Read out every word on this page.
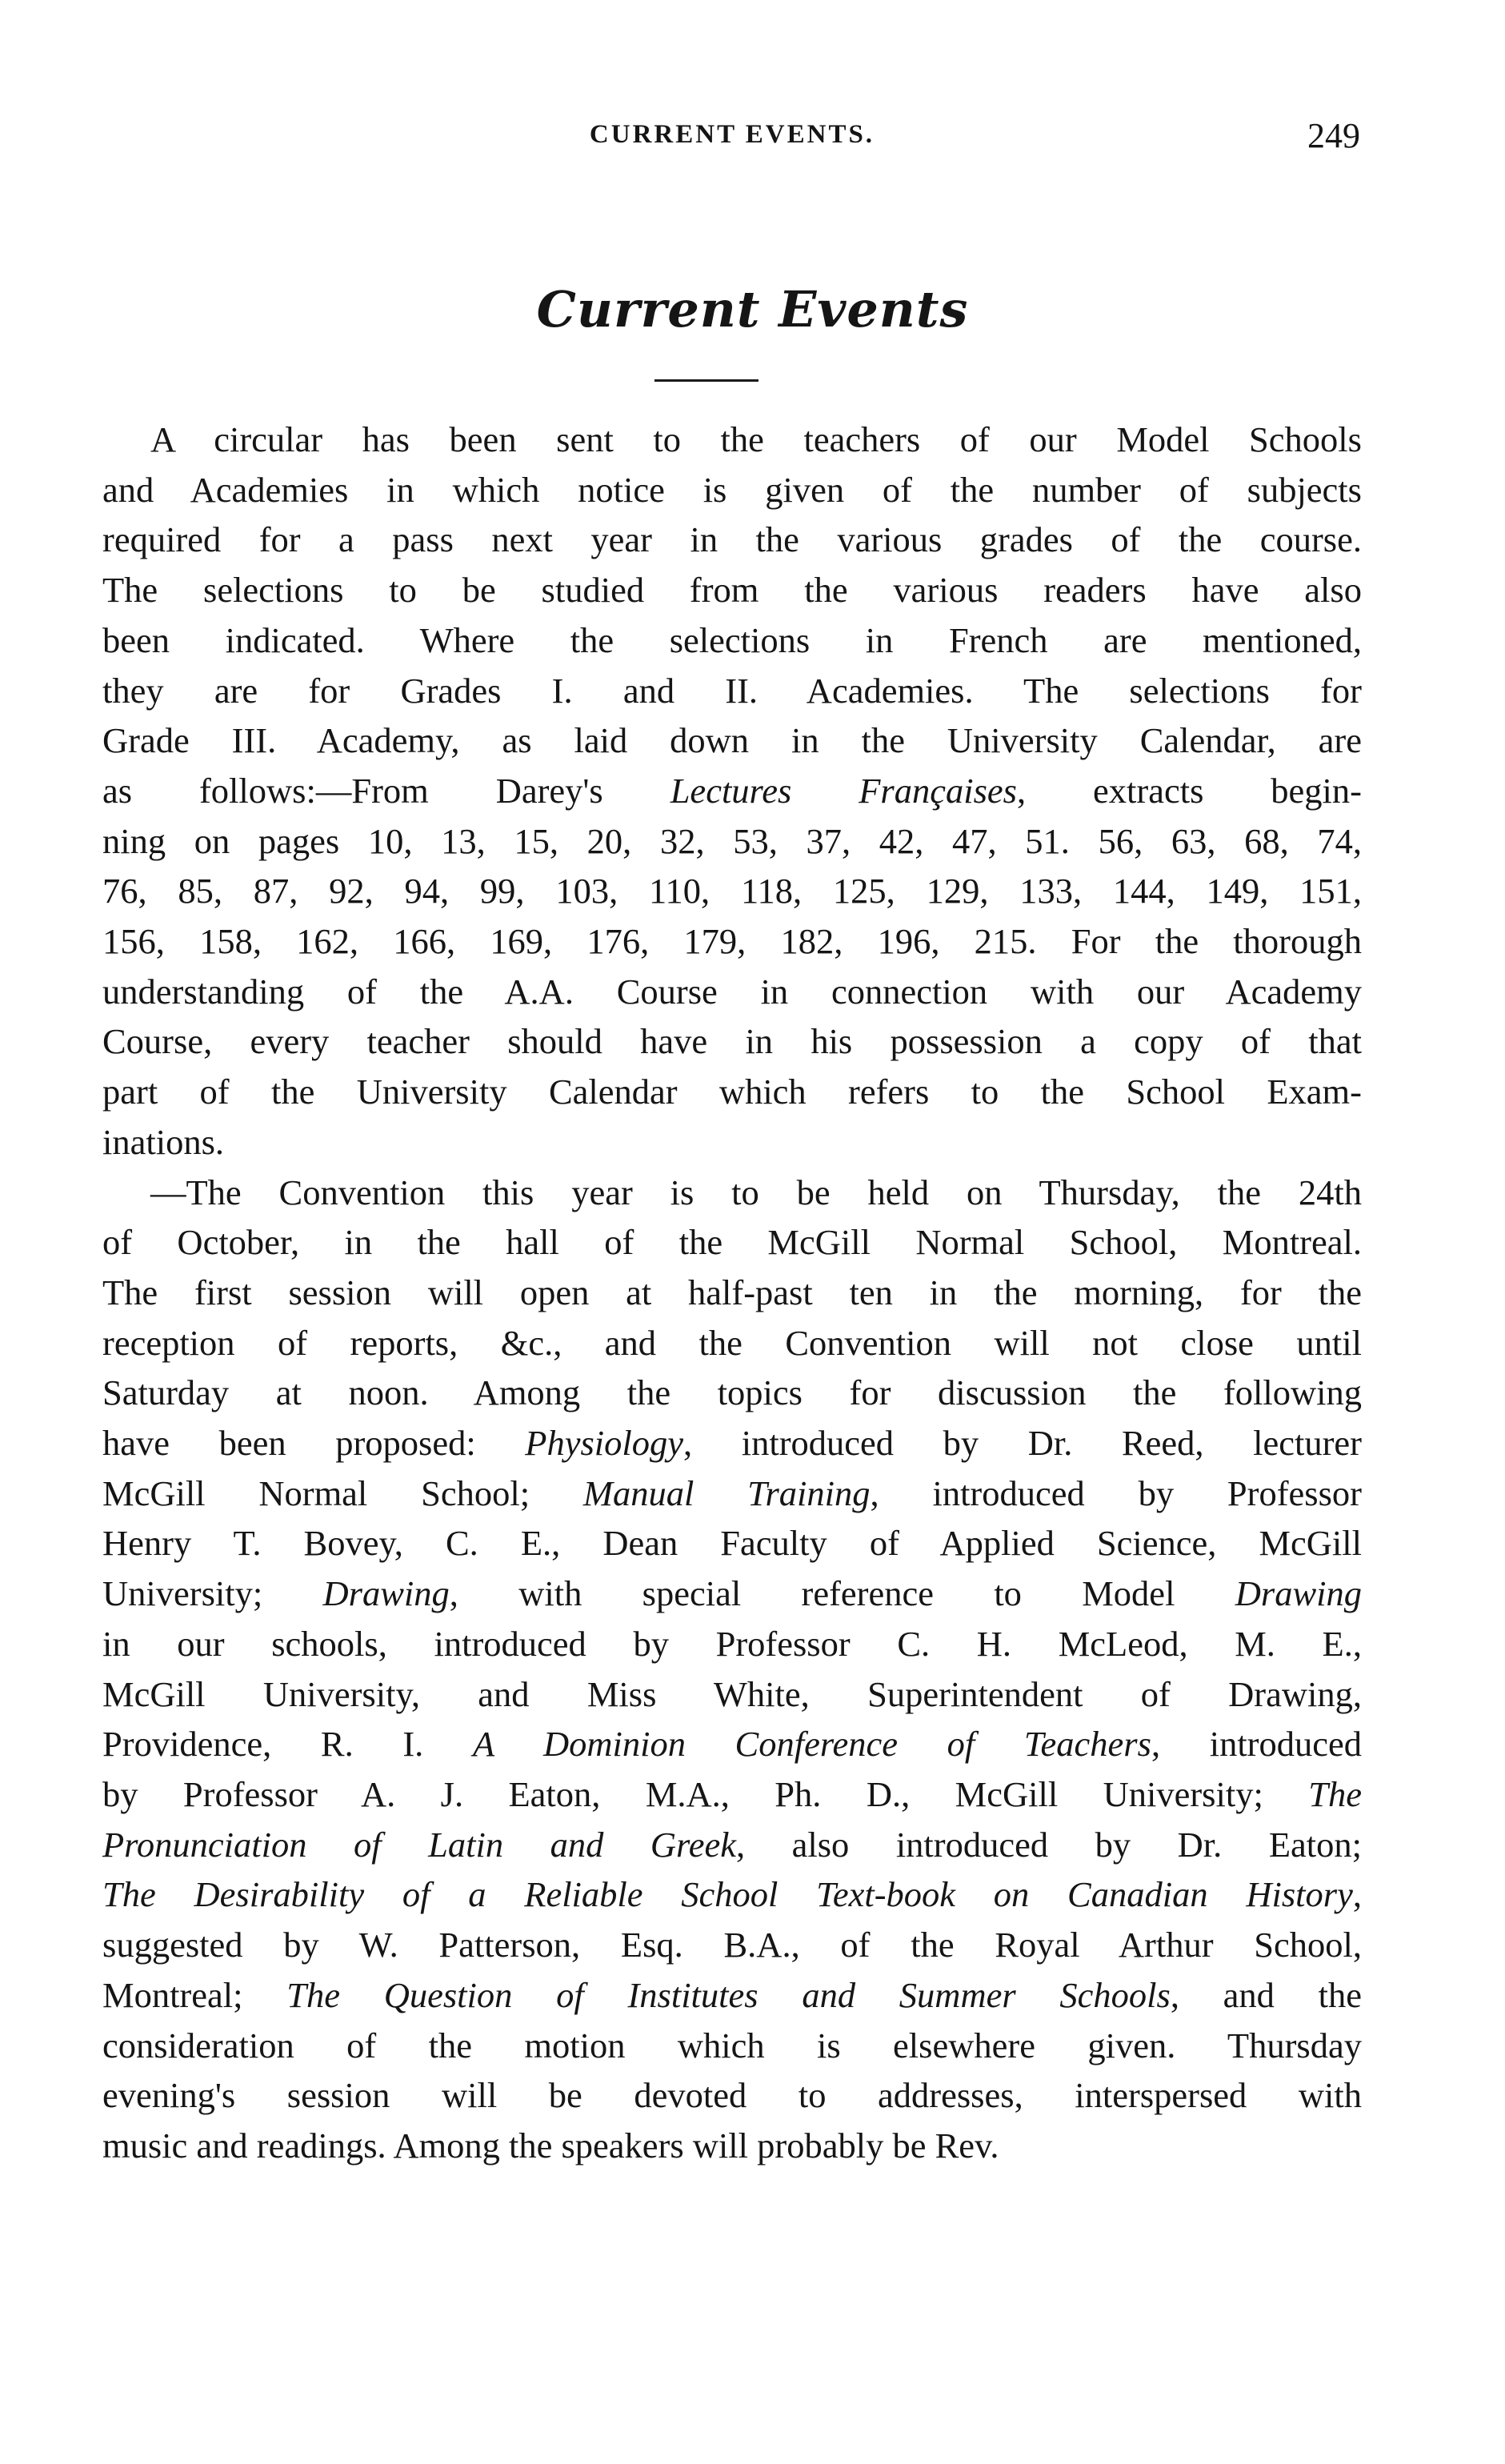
CURRENT EVENTS.	249
Current Events
A circular has been sent to the teachers of our Model Schools
and Academies in which notice is given of the number of subjects
required for a pass next year in the various grades of the course.
The selections to be studied from the various readers have also
been indicated. Where the selections in French are mentioned,
they are for Grades I. and II. Academies. The selections for
Grade III. Academy, as laid down in the University Calendar, are
as follows:—From Darey's Lectures Françaises, extracts begin-
ning on pages 10, 13, 15, 20, 32, 53, 37, 42, 47, 51. 56, 63, 68, 74,
76, 85, 87, 92, 94, 99, 103, 110, 118, 125, 129, 133, 144, 149, 151,
156, 158, 162, 166, 169, 176, 179, 182, 196, 215. For the thorough
understanding of the A.A. Course in connection with our Academy
Course, every teacher should have in his possession a copy of that
part of the University Calendar which refers to the School Exam-
inations.
—The Convention this year is to be held on Thursday, the 24th
of October, in the hall of the McGill Normal School, Montreal.
The first session will open at half-past ten in the morning, for the
reception of reports, &c., and the Convention will not close until
Saturday at noon. Among the topics for discussion the following
have been proposed: Physiology, introduced by Dr. Reed, lecturer
McGill Normal School; Manual Training, introduced by Professor
Henry T. Bovey, C. E., Dean Faculty of Applied Science, McGill
University; Drawing, with special reference to Model Drawing
in our schools, introduced by Professor C. H. McLeod, M. E.,
McGill University, and Miss White, Superintendent of Drawing,
Providence, R. I. A Dominion Conference of Teachers, introduced
by Professor A. J. Eaton, M.A., Ph. D., McGill University; The
Pronunciation of Latin and Greek, also introduced by Dr. Eaton;
The Desirability of a Reliable School Text-book on Canadian History,
suggested by W. Patterson, Esq. B.A., of the Royal Arthur School,
Montreal; The Question of Institutes and Summer Schools, and the
consideration of the motion which is elsewhere given. Thursday
evening's session will be devoted to addresses, interspersed with
music and readings. Among the speakers will probably be Rev.
